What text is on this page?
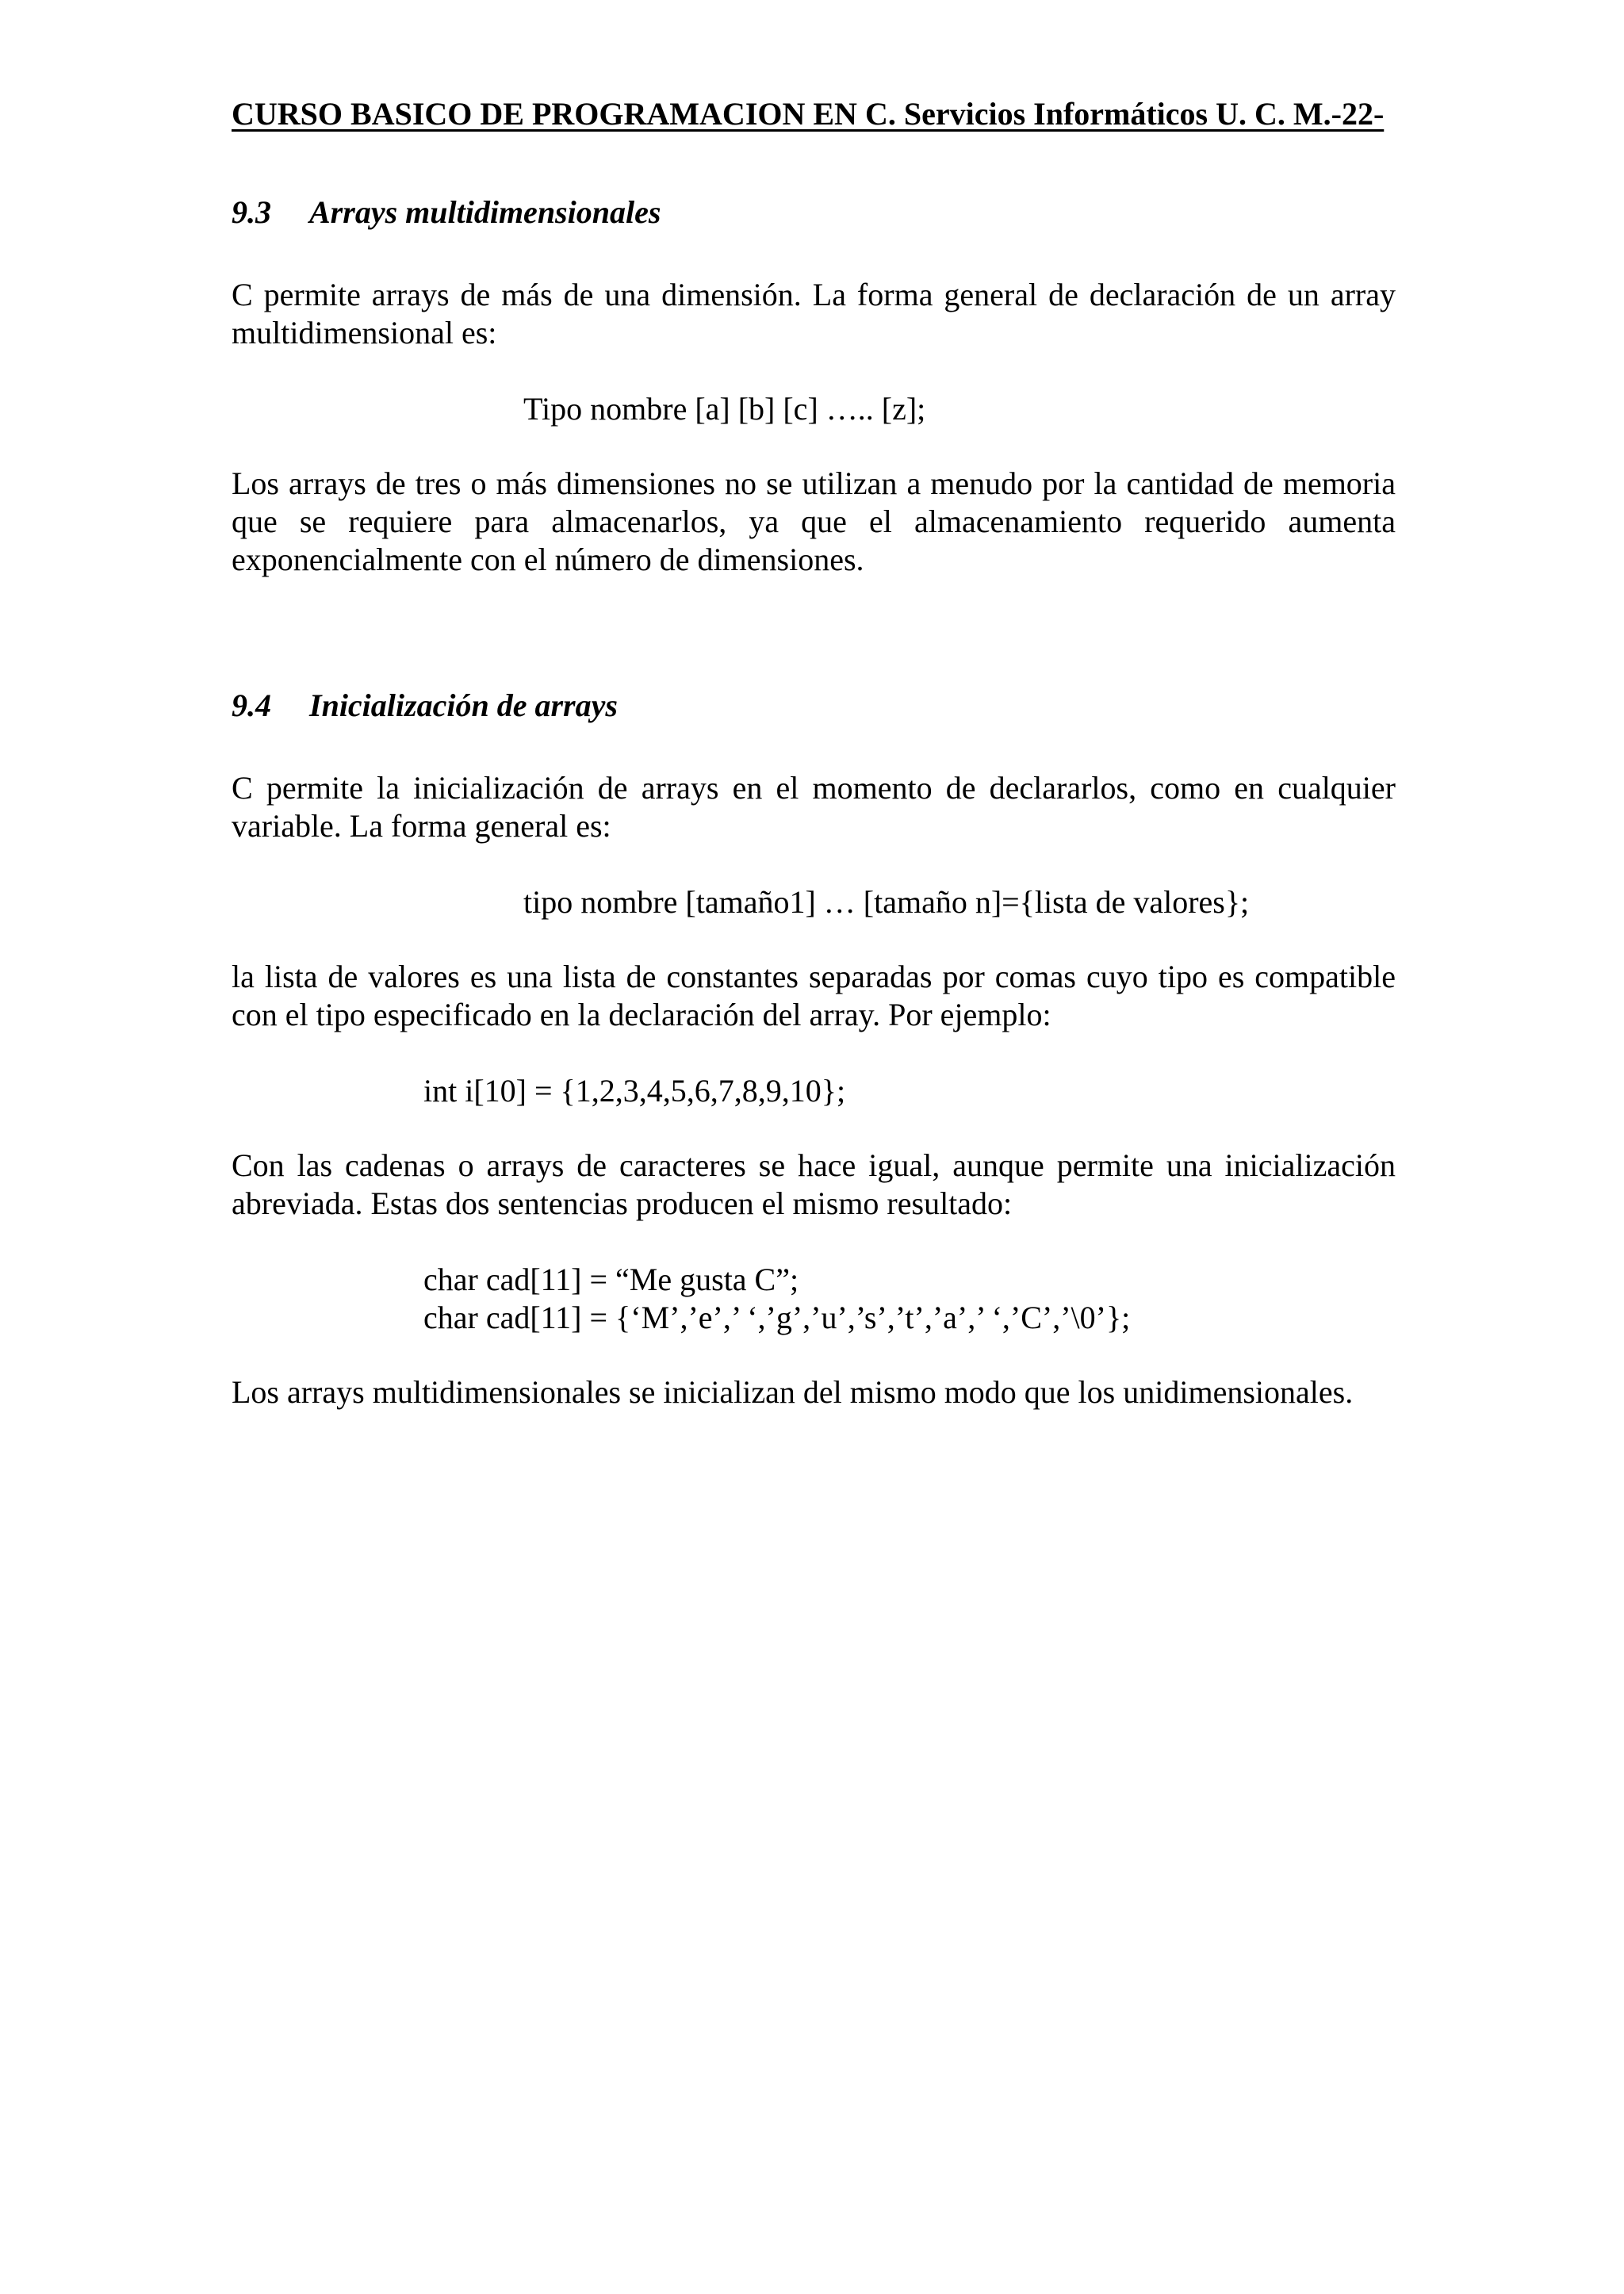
CURSO BASICO DE PROGRAMACION EN C. Servicios Informáticos U. C. M.-22-
9.3 Arrays multidimensionales
C permite arrays de más de una dimensión. La forma general de declaración de un array multidimensional es:
Tipo nombre [a] [b] [c] ….. [z];
Los arrays de tres o más dimensiones no se utilizan a menudo por la cantidad de memoria que se requiere para almacenarlos, ya que el almacenamiento requerido aumenta exponencialmente con el número de dimensiones.
9.4 Inicialización de arrays
C permite la inicialización de arrays en el momento de declararlos, como en cualquier variable. La forma general es:
tipo nombre [tamaño1] … [tamaño n]={lista de valores};
la lista de valores es una lista de constantes separadas por comas cuyo tipo es compatible con el tipo especificado en la declaración del array. Por ejemplo:
int i[10] = {1,2,3,4,5,6,7,8,9,10};
Con las cadenas o arrays de caracteres se hace igual, aunque permite una inicialización abreviada. Estas dos sentencias producen el mismo resultado:
char cad[11] = “Me gusta C”;
char cad[11] = {‘M’,’e’,’ ‘,’g’,’u’,’s’,’t’,’a’,’ ‘,’C’,’\0’};
Los arrays multidimensionales se inicializan del mismo modo que los unidimensionales.
